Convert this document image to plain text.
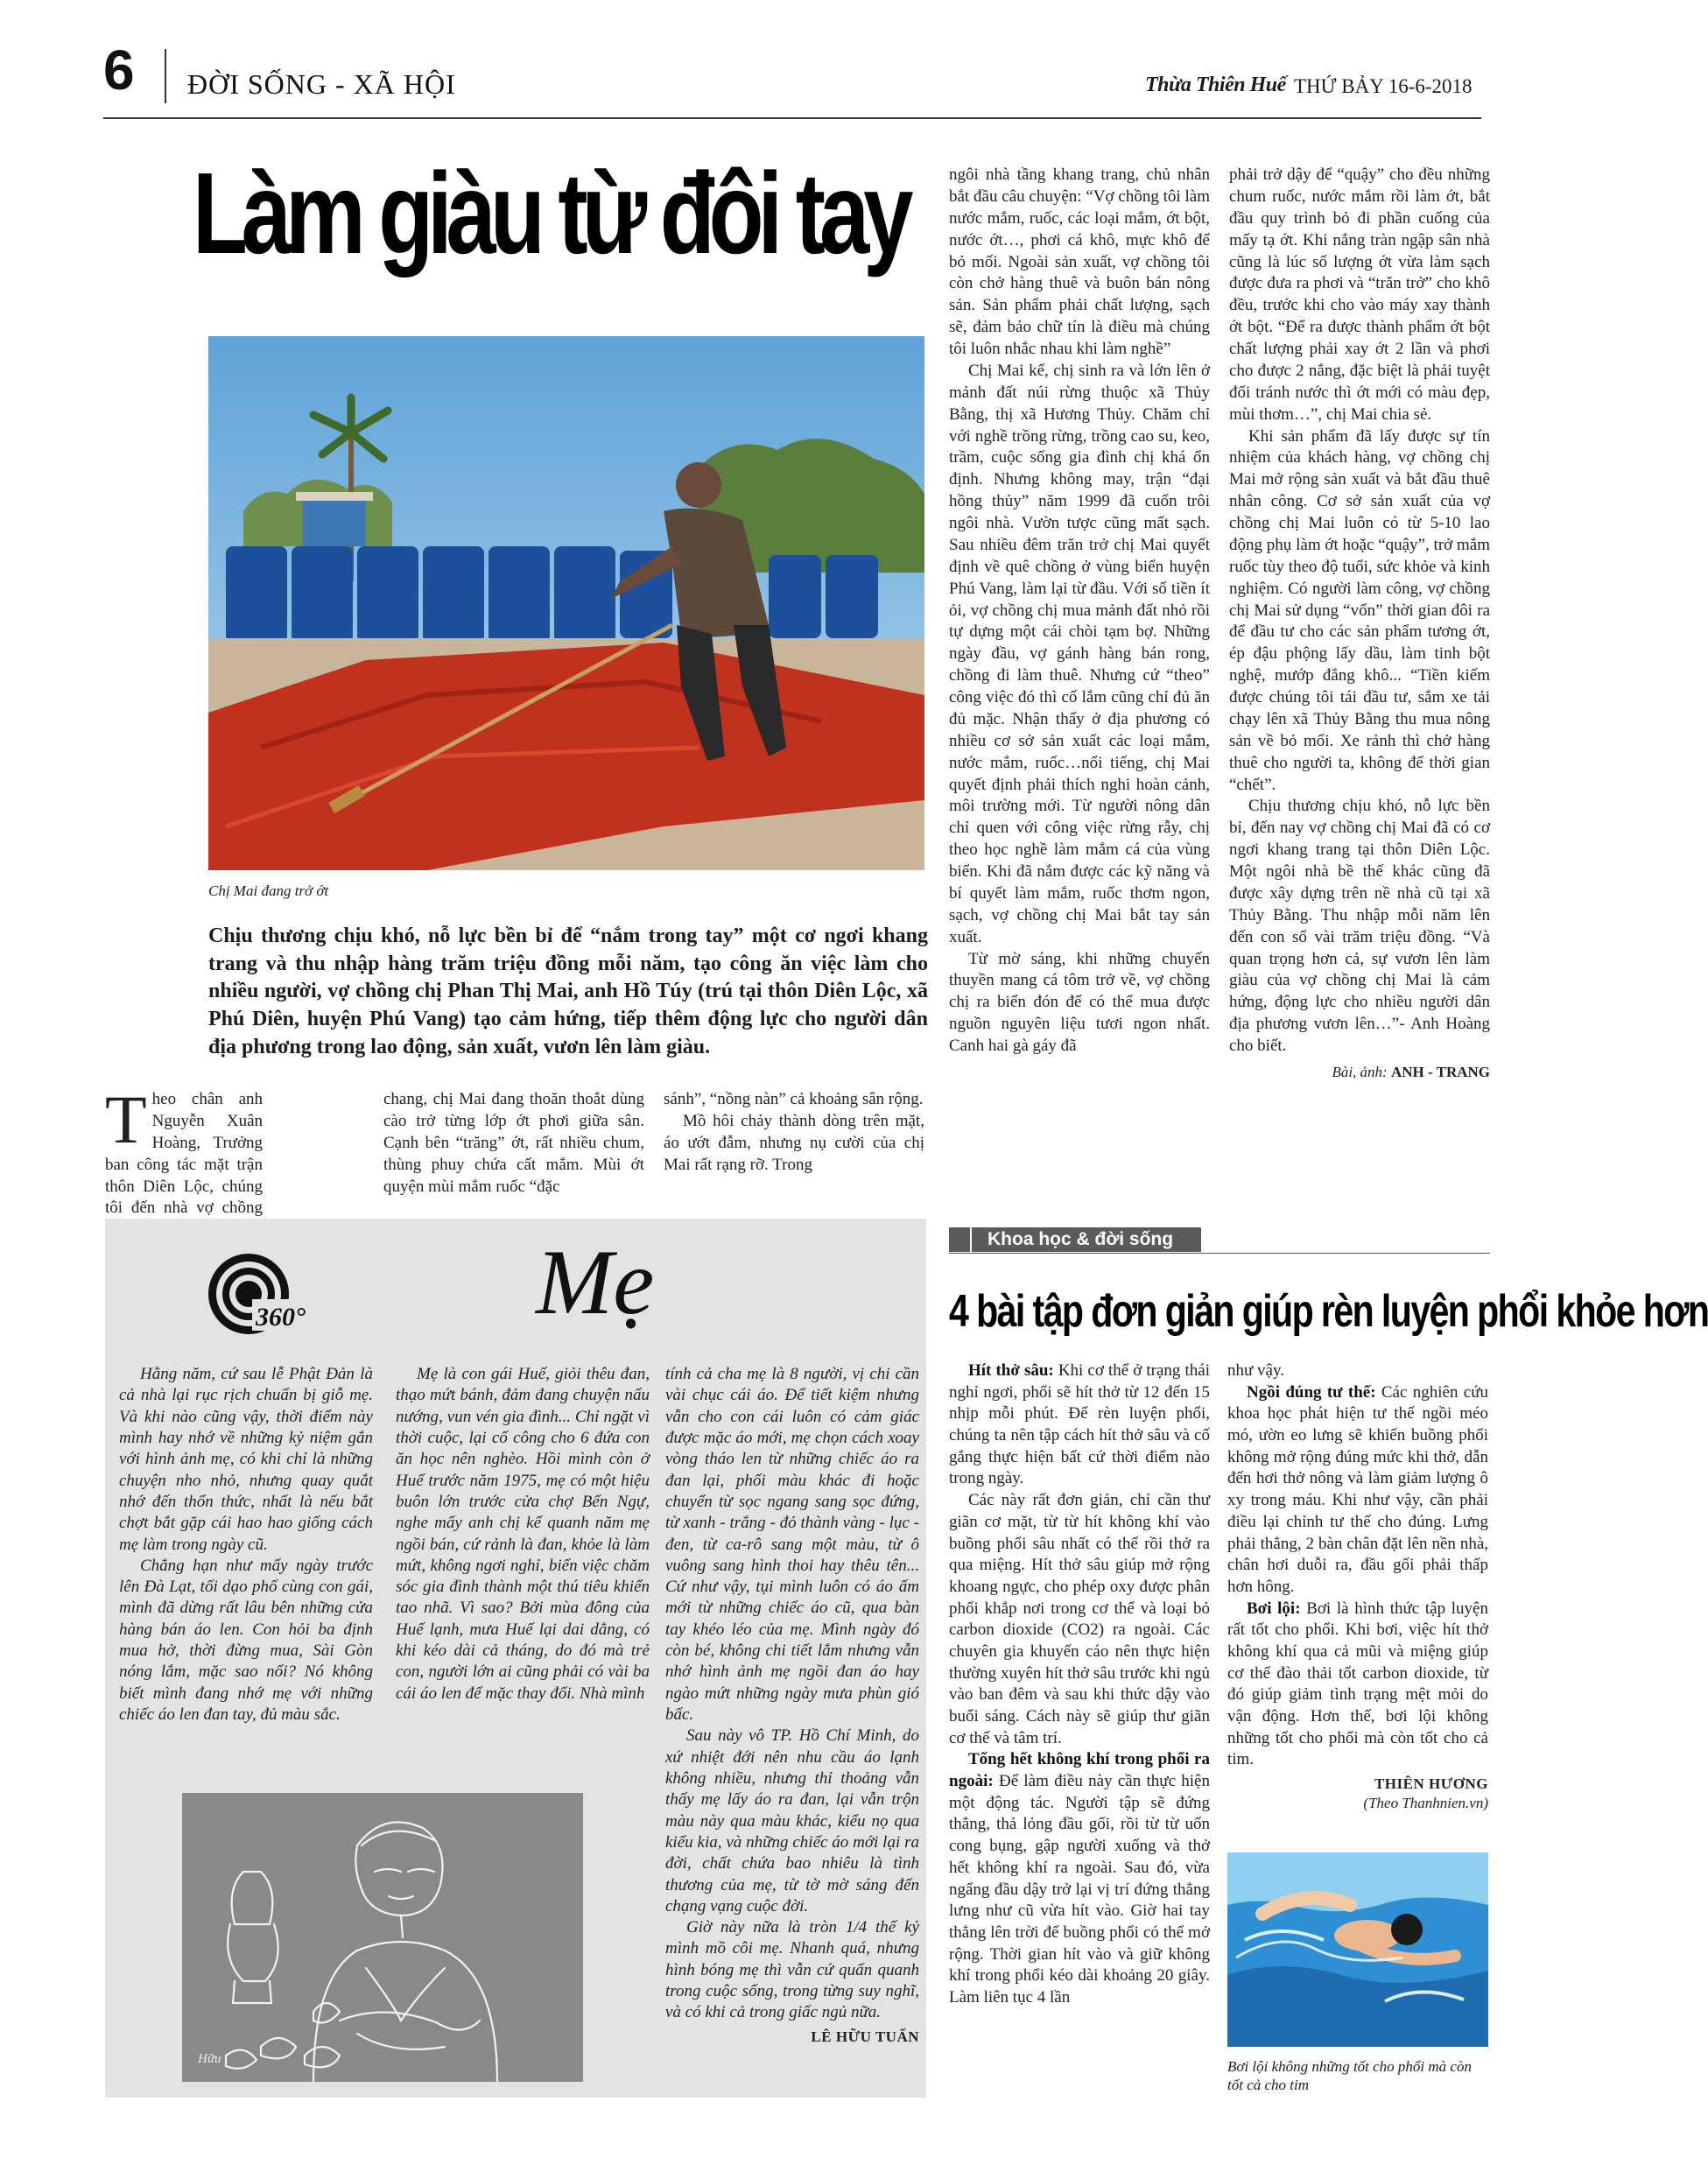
6 ĐỜI SỐNG - XÃ HỘI	Thừa Thiên Huế THỨ BẢY 16-6-2018
Làm giàu từ đôi tay
Chị Mai đang trở ớt
Chịu thương chịu khó, nỗ lực bền bỉ để “nắm trong tay” một cơ ngơi khang trang và thu nhập hàng trăm triệu đồng mỗi năm, tạo công ăn việc làm cho nhiều người, vợ chồng chị Phan Thị Mai, anh Hồ Túy (trú tại thôn Diên Lộc, xã Phú Diên, huyện Phú Vang) tạo cảm hứng, tiếp thêm động lực cho người dân địa phương trong lao động, sản xuất, vươn lên làm giàu.

Theo chân anh Nguyễn Xuân Hoàng, Trưởng ban công tác mặt trận thôn Diên Lộc, chúng tôi đến nhà vợ chồng

chang, chị Mai đang thoăn thoắt dùng cào trở từng lớp ớt phơi giữa sân. Cạnh bên “trăng” ớt, rất nhiều chum, thùng phuy chứa cất mắm. Mùi ớt quyện mùi mắm ruốc “đặc

sánh”, “nồng nàn” cả khoảng sân rộng.

Mồ hôi chảy thành dòng trên mặt, áo ướt đẫm, nhưng nụ cười của chị Mai rất rạng rỡ. Trong

ngôi nhà tầng khang trang, chủ nhân bắt đầu câu chuyện: “Vợ chồng tôi làm nước mắm, ruốc, các loại mắm, ớt bột, nước ớt…, phơi cá khô, mực khô để bỏ mối. Ngoài sản xuất, vợ chồng tôi còn chở hàng thuê và buôn bán nông sản. Sản phẩm phải chất lượng, sạch sẽ, đảm bảo chữ tín là điều mà chúng tôi luôn nhắc nhau khi làm nghề”

Chị Mai kể, chị sinh ra và lớn lên ở mảnh đất núi rừng thuộc xã Thủy Bằng, thị xã Hương Thủy. Chăm chỉ với nghề trồng rừng, trồng cao su, keo, trầm, cuộc sống gia đình chị khá ổn định. Nhưng không may, trận “đại hồng thủy” năm 1999 đã cuốn trôi ngôi nhà. Vườn tược cũng mất sạch. Sau nhiều đêm trăn trở chị Mai quyết định về quê chồng ở vùng biển huyện Phú Vang, làm lại từ đầu. Với số tiền ít ỏi, vợ chồng chị mua mảnh đất nhỏ rồi tự dựng một cái chòi tạm bợ. Những ngày đầu, vợ gánh hàng bán rong, chồng đi làm thuê. Nhưng cứ “theo” công việc đó thì cố lắm cũng chỉ đủ ăn đủ mặc. Nhận thấy ở địa phương có nhiều cơ sở sản xuất các loại mắm, nước mắm, ruốc…nổi tiếng, chị Mai quyết định phải thích nghi hoàn cảnh, môi trường mới. Từ người nông dân chỉ quen với công việc rừng rẫy, chị theo học nghề làm mắm cá của vùng biển. Khi đã nắm được các kỹ năng và bí quyết làm mắm, ruốc thơm ngon, sạch, vợ chồng chị Mai bắt tay sản xuất.

Từ mờ sáng, khi những chuyến thuyền mang cá tôm trở về, vợ chồng chị ra biển đón để có thể mua được nguồn nguyên liệu tươi ngon nhất. Canh hai gà gáy đã

phải trở dậy để “quậy” cho đều những chum ruốc, nước mắm rồi làm ớt, bắt đầu quy trình bỏ đi phần cuống của mấy tạ ớt. Khi nắng tràn ngập sân nhà cũng là lúc số lượng ớt vừa làm sạch được đưa ra phơi và “trăn trở” cho khô đều, trước khi cho vào máy xay thành ớt bột. “Để ra được thành phẩm ớt bột chất lượng phải xay ớt 2 lần và phơi cho được 2 nắng, đặc biệt là phải tuyệt đối tránh nước thì ớt mới có màu đẹp, mùi thơm…”, chị Mai chia sẻ.

Khi sản phẩm đã lấy được sự tín nhiệm của khách hàng, vợ chồng chị Mai mở rộng sản xuất và bắt đầu thuê nhân công. Cơ sở sản xuất của vợ chồng chị Mai luôn có từ 5-10 lao động phụ làm ớt hoặc “quậy”, trở mắm ruốc tùy theo độ tuổi, sức khỏe và kinh nghiệm. Có người làm công, vợ chồng chị Mai sử dụng “vốn” thời gian đôi ra để đầu tư cho các sản phẩm tương ớt, ép đậu phộng lấy dầu, làm tinh bột nghệ, mướp đắng khô... “Tiền kiếm được chúng tôi tái đầu tư, sắm xe tải chạy lên xã Thủy Bằng thu mua nông sản về bỏ mối. Xe rảnh thì chở hàng thuê cho người ta, không để thời gian “chết”.

Chịu thương chịu khó, nỗ lực bền bỉ, đến nay vợ chồng chị Mai đã có cơ ngơi khang trang tại thôn Diên Lộc. Một ngôi nhà bề thế khác cũng đã được xây dựng trên nề nhà cũ tại xã Thủy Bằng. Thu nhập mỗi năm lên đến con số vài trăm triệu đồng. “Và quan trọng hơn cả, sự vươn lên làm giàu của vợ chồng chị Mai là cảm hứng, động lực cho nhiều người dân địa phương vươn lên…”- Anh Hoàng cho biết.

Bài, ảnh: ANH - TRANG
360° Mẹ

Hằng năm, cứ sau lễ Phật Đản là cả nhà lại rục rịch chuẩn bị giỗ mẹ. Và khi nào cũng vậy, thời điểm này mình hay nhớ về những kỷ niệm gắn với hình ảnh mẹ, có khi chỉ là những chuyện nho nhỏ, nhưng quay quắt nhớ đến thổn thức, nhất là nếu bắt chợt bắt gặp cái hao hao giống cách mẹ làm trong ngày cũ.

Chẳng hạn như mấy ngày trước lên Đà Lạt, tối dạo phố cùng con gái, mình đã dừng rất lâu bên những cửa hàng bán áo len. Con hỏi ba định mua hở, thời đừng mua, Sài Gòn nóng lắm, mặc sao nổi? Nó không biết mình đang nhớ mẹ với những chiếc áo len đan tay, đủ màu sắc.

Mẹ là con gái Huế, giỏi thêu đan, thạo mứt bánh, đảm đang chuyện nấu nướng, vun vén gia đình... Chỉ ngặt vì thời cuộc, lại cố công cho 6 đứa con ăn học nên nghèo. Hồi mình còn ở Huế trước năm 1975, mẹ có một hiệu buôn lớn trước cửa chợ Bến Ngự, nghe mấy anh chị kể quanh năm mẹ ngồi bán, cứ rảnh là đan, khỏe là làm mứt, không ngơi nghỉ, biến việc chăm sóc gia đình thành một thú tiêu khiển tao nhã. Vì sao? Bởi mùa đông của Huế lạnh, mưa Huế lại dai dẳng, có khi kéo dài cả tháng, do đó mà trẻ con, người lớn ai cũng phải có vài ba cái áo len để mặc thay đổi. Nhà mình

tính cả cha mẹ là 8 người, vị chi cần vài chục cái áo. Để tiết kiệm nhưng vẫn cho con cái luôn có cảm giác được mặc áo mới, mẹ chọn cách xoay vòng tháo len từ những chiếc áo ra đan lại, phối màu khác đi hoặc chuyển từ sọc ngang sang sọc đứng, từ xanh - trắng - đỏ thành vàng - lục - đen, từ ca-rô sang một màu, từ ô vuông sang hình thoi hay thêu tên... Cứ như vậy, tụi mình luôn có áo ấm mới từ những chiếc áo cũ, qua bàn tay khéo léo của mẹ. Mình ngày đó còn bé, không chi tiết lắm nhưng vẫn nhớ hình ảnh mẹ ngồi đan áo hay ngào mứt những ngày mưa phùn gió bấc.

Sau này vô TP. Hồ Chí Minh, do xứ nhiệt đới nên nhu cầu áo lạnh không nhiều, nhưng thỉ thoảng vẫn thấy mẹ lấy áo ra đan, lại vẫn trộn màu này qua màu khác, kiểu nọ qua kiểu kia, và những chiếc áo mới lại ra đời, chất chứa bao nhiêu là tình thương của mẹ, từ tờ mờ sáng đến chạng vạng cuộc đời.

Giờ này nữa là tròn 1/4 thế kỷ mình mồ côi mẹ. Nhanh quá, nhưng hình bóng mẹ thì vẫn cứ quấn quanh trong cuộc sống, trong từng suy nghĩ, và có khi cả trong giấc ngủ nữa.

LÊ HỮU TUẤN
Hữu
Khoa học & đời sống
4 bài tập đơn giản giúp rèn luyện phổi khỏe hơn

Hít thở sâu: Khi cơ thể ở trạng thái nghỉ ngơi, phổi sẽ hít thở từ 12 đến 15 nhịp mỗi phút. Để rèn luyện phổi, chúng ta nên tập cách hít thở sâu và cố gắng thực hiện bất cứ thời điểm nào trong ngày.

Các này rất đơn giản, chỉ cần thư giãn cơ mặt, từ từ hít không khí vào buồng phổi sâu nhất có thể rồi thở ra qua miệng. Hít thở sâu giúp mở rộng khoang ngực, cho phép oxy được phân phối khắp nơi trong cơ thể và loại bỏ carbon dioxide (CO2) ra ngoài. Các chuyên gia khuyến cáo nên thực hiện thường xuyên hít thở sâu trước khi ngủ vào ban đêm và sau khi thức dậy vào buổi sáng. Cách này sẽ giúp thư giãn cơ thể và tâm trí.

Tống hết không khí trong phổi ra ngoài: Để làm điều này cần thực hiện một động tác. Người tập sẽ đứng thẳng, thả lỏng đầu gối, rồi từ từ uốn cong bụng, gập người xuống và thở hết không khí ra ngoài. Sau đó, vừa ngẩng đầu dậy trở lại vị trí đứng thẳng lưng như cũ vừa hít vào. Giờ hai tay thẳng lên trời để buồng phổi có thể mở rộng. Thời gian hít vào và giữ không khí trong phổi kéo dài khoảng 20 giây. Làm liên tục 4 lần

như vậy.

Ngồi đúng tư thế: Các nghiên cứu khoa học phát hiện tư thế ngồi méo mó, ườn eo lưng sẽ khiến buồng phổi không mở rộng đúng mức khi thở, dẫn đến hơi thở nông và làm giảm lượng ô xy trong máu. Khi như vậy, cần phải điều lại chỉnh tư thế cho đúng. Lưng phải thẳng, 2 bàn chân đặt lên nền nhà, chân hơi duỗi ra, đầu gối phải thấp hơn hông.

Bơi lội: Bơi là hình thức tập luyện rất tốt cho phổi. Khi bơi, việc hít thở không khí qua cả mũi và miệng giúp cơ thể đào thải tốt carbon dioxide, từ đó giúp giảm tình trạng mệt mỏi do vận động. Hơn thế, bơi lội không những tốt cho phổi mà còn tốt cho cả tim.

THIÊN HƯƠNG
(Theo Thanhnien.vn)
Bơi lội không những tốt cho phổi mà còn tốt cả cho tim
